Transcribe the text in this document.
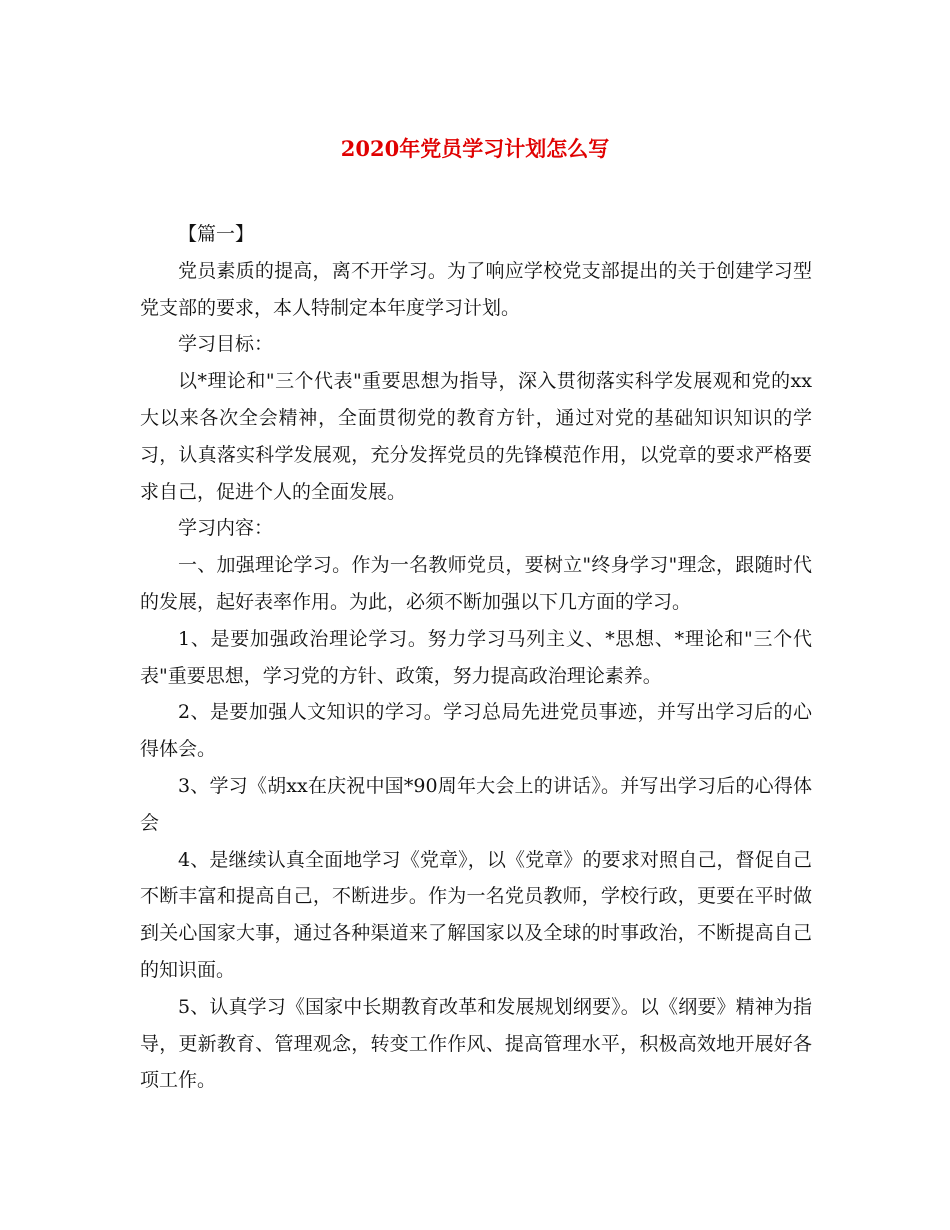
2020年党员学习计划怎么写

【篇一】

党员素质的提高，离不开学习。为了响应学校党支部提出的关于创建学习型党支部的要求，本人特制定本年度学习计划。

学习目标：

以*理论和"三个代表"重要思想为指导，深入贯彻落实科学发展观和党的xx大以来各次全会精神，全面贯彻党的教育方针，通过对党的基础知识知识的学习，认真落实科学发展观，充分发挥党员的先锋模范作用，以党章的要求严格要求自己，促进个人的全面发展。

学习内容：

一、加强理论学习。作为一名教师党员，要树立"终身学习"理念，跟随时代的发展，起好表率作用。为此，必须不断加强以下几方面的学习。

1、是要加强政治理论学习。努力学习马列主义、*思想、*理论和"三个代表"重要思想，学习党的方针、政策，努力提高政治理论素养。

2、是要加强人文知识的学习。学习总局先进党员事迹，并写出学习后的心得体会。

3、学习《胡xx在庆祝中国*90周年大会上的讲话》。并写出学习后的心得体会

4、是继续认真全面地学习《党章》，以《党章》的要求对照自己，督促自己不断丰富和提高自己，不断进步。作为一名党员教师，学校行政，更要在平时做到关心国家大事，通过各种渠道来了解国家以及全球的时事政治，不断提高自己的知识面。

5、认真学习《国家中长期教育改革和发展规划纲要》。以《纲要》精神为指导，更新教育、管理观念，转变工作作风、提高管理水平，积极高效地开展好各项工作。
